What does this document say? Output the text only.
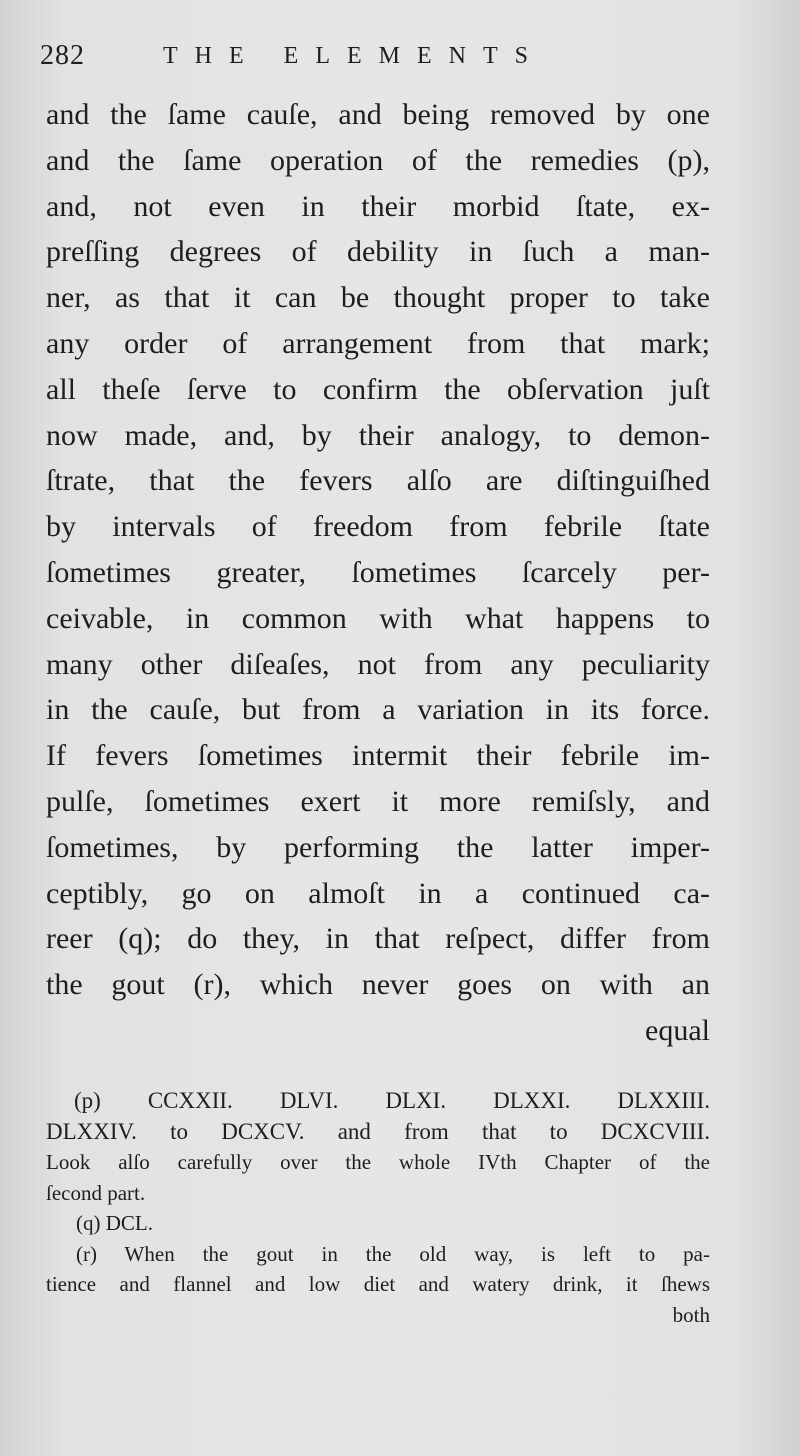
282	THE ELEMENTS
and the ſame cauſe, and being removed by one
and the ſame operation of the remedies (p),
and, not even in their morbid ſtate, ex-
preſſing degrees of debility in ſuch a man-
ner, as that it can be thought proper to take
any order of arrangement from that mark;
all theſe ſerve to confirm the obſervation juſt
now made, and, by their analogy, to demon-
ſtrate, that the fevers alſo are diſtinguiſhed
by intervals of freedom from febrile ſtate
ſometimes greater, ſometimes ſcarcely per-
ceivable, in common with what happens to
many other diſeaſes, not from any peculiarity
in the cauſe, but from a variation in its force.
If fevers ſometimes intermit their febrile im-
pulſe, ſometimes exert it more remiſsly, and
ſometimes, by performing the latter imper-
ceptibly, go on almoſt in a continued ca-
reer (q); do they, in that reſpect, differ from
the gout (r), which never goes on with an
equal
(p) CCXXII. DLVI. DLXI. DLXXI. DLXXIII.
DLXXIV. to DCXCV. and from that to DCXCVIII.
Look alſo carefully over the whole IVth Chapter of the
ſecond part.
(q) DCL.
(r) When the gout in the old way, is left to pa-
tience and flannel and low diet and watery drink, it ſhews
both
